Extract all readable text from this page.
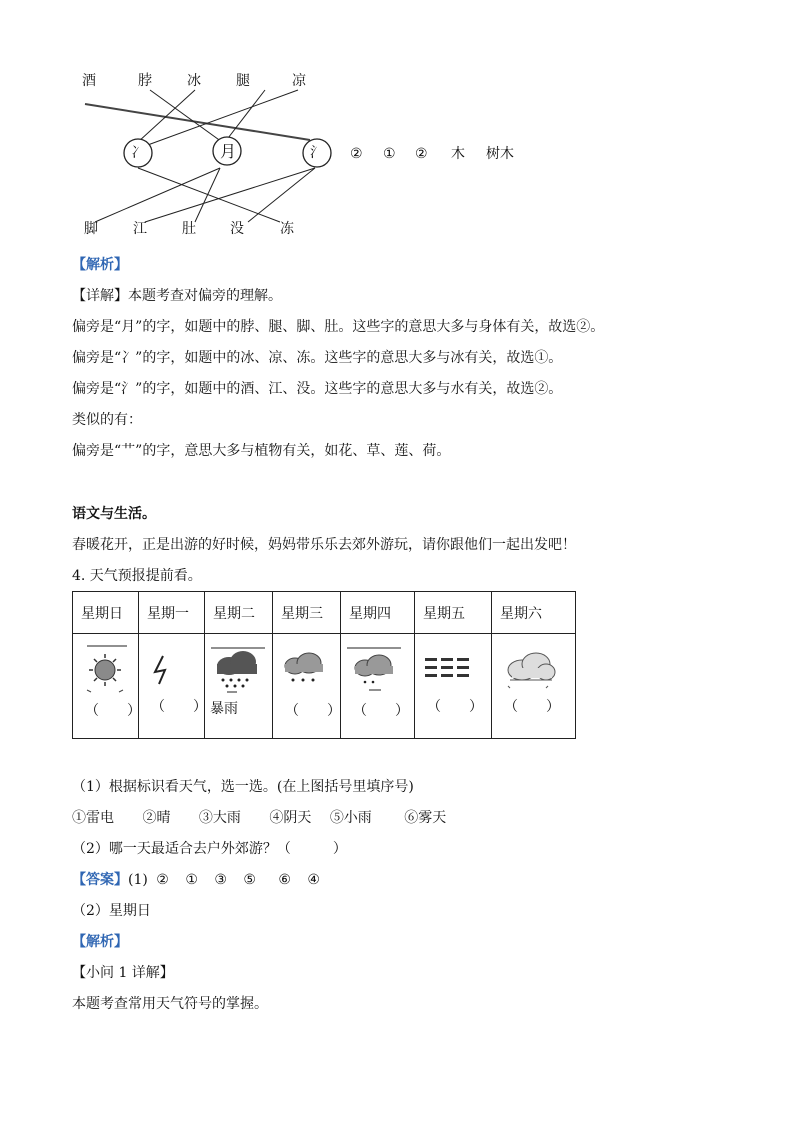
酒	脖	冰	腿	凉
冫	月	氵 ② ① ② 木 树木
脚	江	肚 没	冻
【解析】
【详解】本题考查对偏旁的理解。
偏旁是“月”的字，如题中的脖、腿、脚、肚。这些字的意思大多与身体有关，故选②。
偏旁是“冫”的字，如题中的冰、凉、冻。这些字的意思大多与冰有关，故选①。
偏旁是“氵”的字，如题中的酒、江、没。这些字的意思大多与水有关，故选②。
类似的有：
偏旁是“艹”的字，意思大多与植物有关，如花、草、莲、荷。
语文与生活。
春暖花开，正是出游的好时候，妈妈带乐乐去郊外游玩，请你跟他们一起出发吧！
4. 天气预报提前看。
星期日	星期一	星期二	星期三	星期四	星期五	星期六

（　　）	（　　）	暴雨	（　　）	（　　）	（　　）	（　　）
（1）根据标识看天气，选一选。(在上图括号里填序号)
①雷电 ②晴 ③大雨 ④阴天 ⑤小雨 ⑥雾天
（2）哪一天最适合去户外郊游？（　　　）
【答案】(1) ② ① ③ ⑤ ⑥ ④
（2）星期日
【解析】
【小问 1 详解】
本题考查常用天气符号的掌握。
